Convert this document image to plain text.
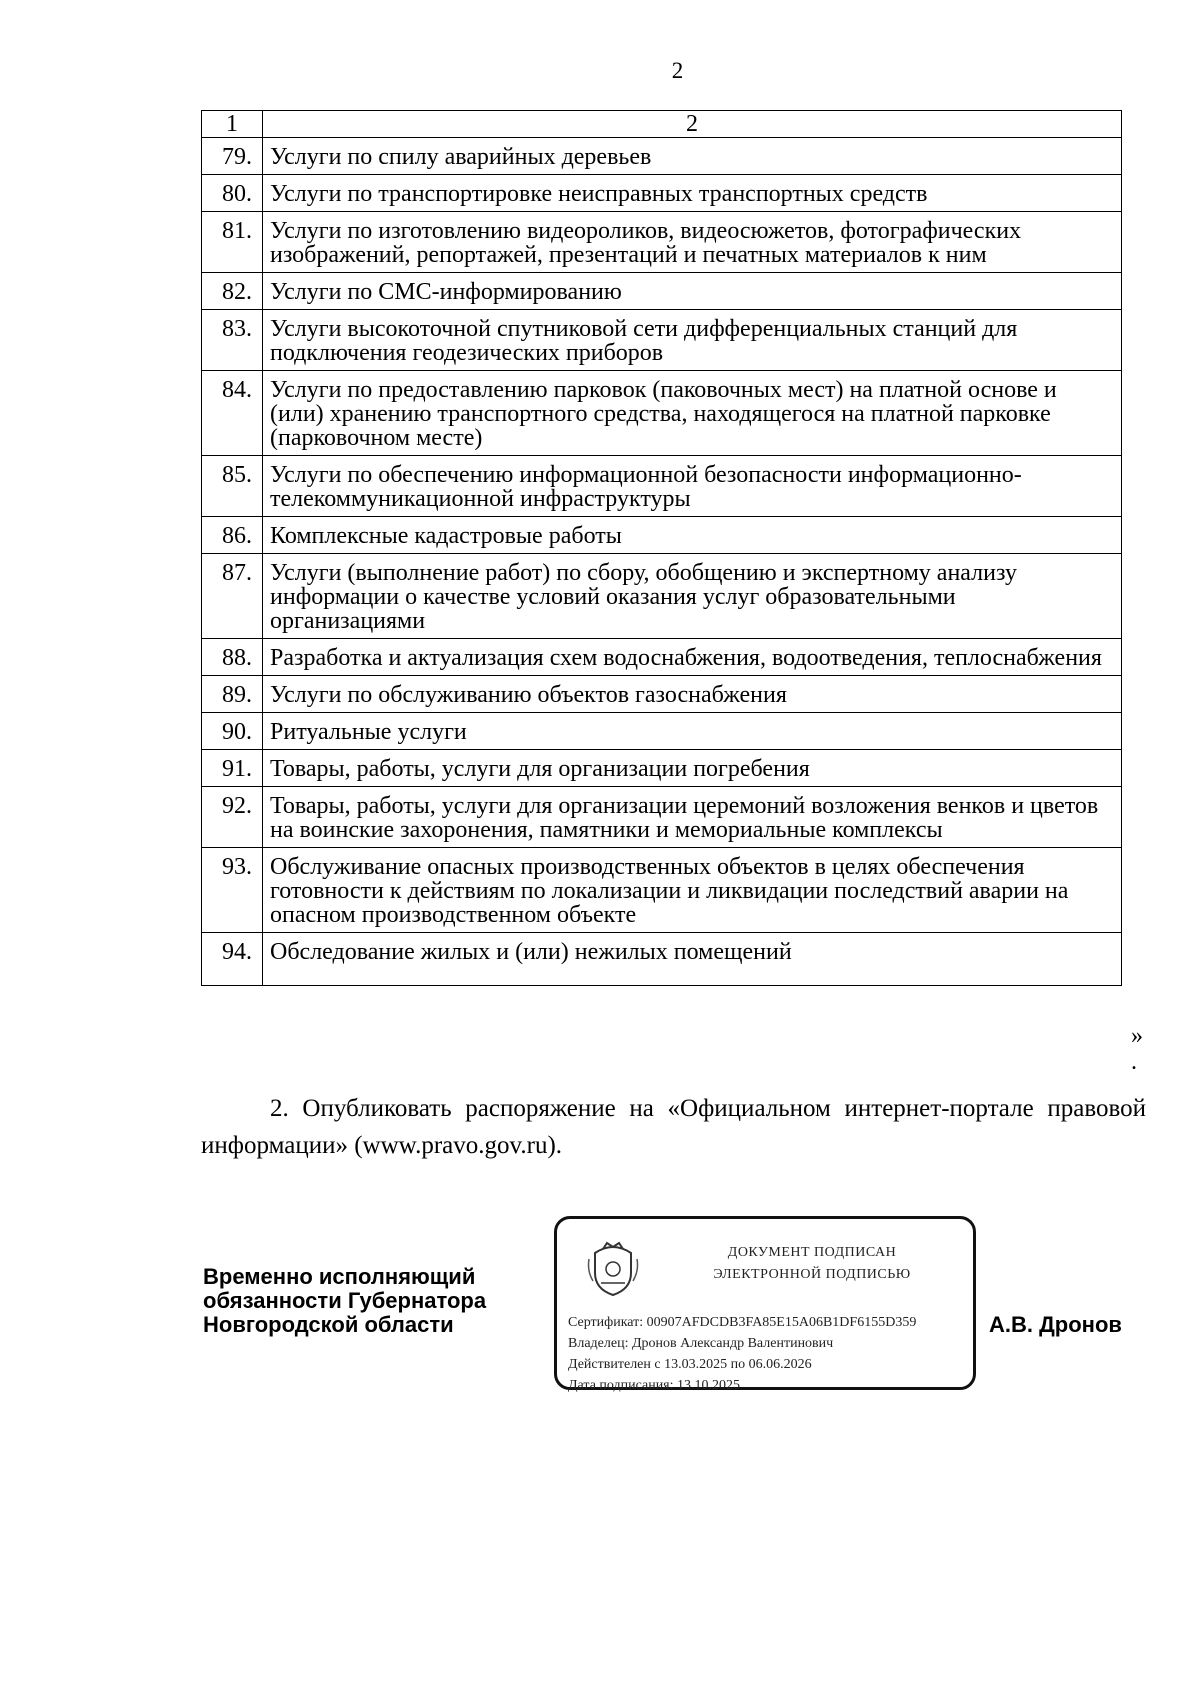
2
1	2
79.	Услуги по спилу аварийных деревьев
80.	Услуги по транспортировке неисправных транспортных средств
81.	Услуги по изготовлению видеороликов, видеосюжетов, фотографических изображений, репортажей, презентаций и печатных материалов к ним
82.	Услуги по СМС-информированию
83.	Услуги высокоточной спутниковой сети дифференциальных станций для подключения геодезических приборов
84.	Услуги по предоставлению парковок (паковочных мест) на платной основе и (или) хранению транспортного средства, находящегося на платной парковке (парковочном месте)
85.	Услуги по обеспечению информационной безопасности информационно-телекоммуникационной инфраструктуры
86.	Комплексные кадастровые работы
87.	Услуги (выполнение работ) по сбору, обобщению и экспертному анализу информации о качестве условий оказания услуг образовательными организациями
88.	Разработка и актуализация схем водоснабжения, водоотведения, теплоснабжения
89.	Услуги по обслуживанию объектов газоснабжения
90.	Ритуальные услуги
91.	Товары, работы, услуги для организации погребения
92.	Товары, работы, услуги для организации церемоний возложения венков и цветов на воинские захоронения, памятники и мемориальные комплексы
93.	Обслуживание опасных производственных объектов в целях обеспечения готовности к действиям по локализации и ликвидации последствий аварии на опасном производственном объекте
94.	Обследование жилых и (или) нежилых помещений
»
.
2. Опубликовать распоряжение на «Официальном интернет-портале правовой информации» (www.pravo.gov.ru).
Временно исполняющий
обязанности Губернатора
Новгородской области
ДОКУМЕНТ ПОДПИСАН
ЭЛЕКТРОННОЙ ПОДПИСЬЮ
Сертификат: 00907AFDCDB3FA85E15A06B1DF6155D359
Владелец: Дронов Александр Валентинович
Действителен с 13.03.2025 по 06.06.2026
Дата подписания: 13.10.2025
А.В. Дронов
